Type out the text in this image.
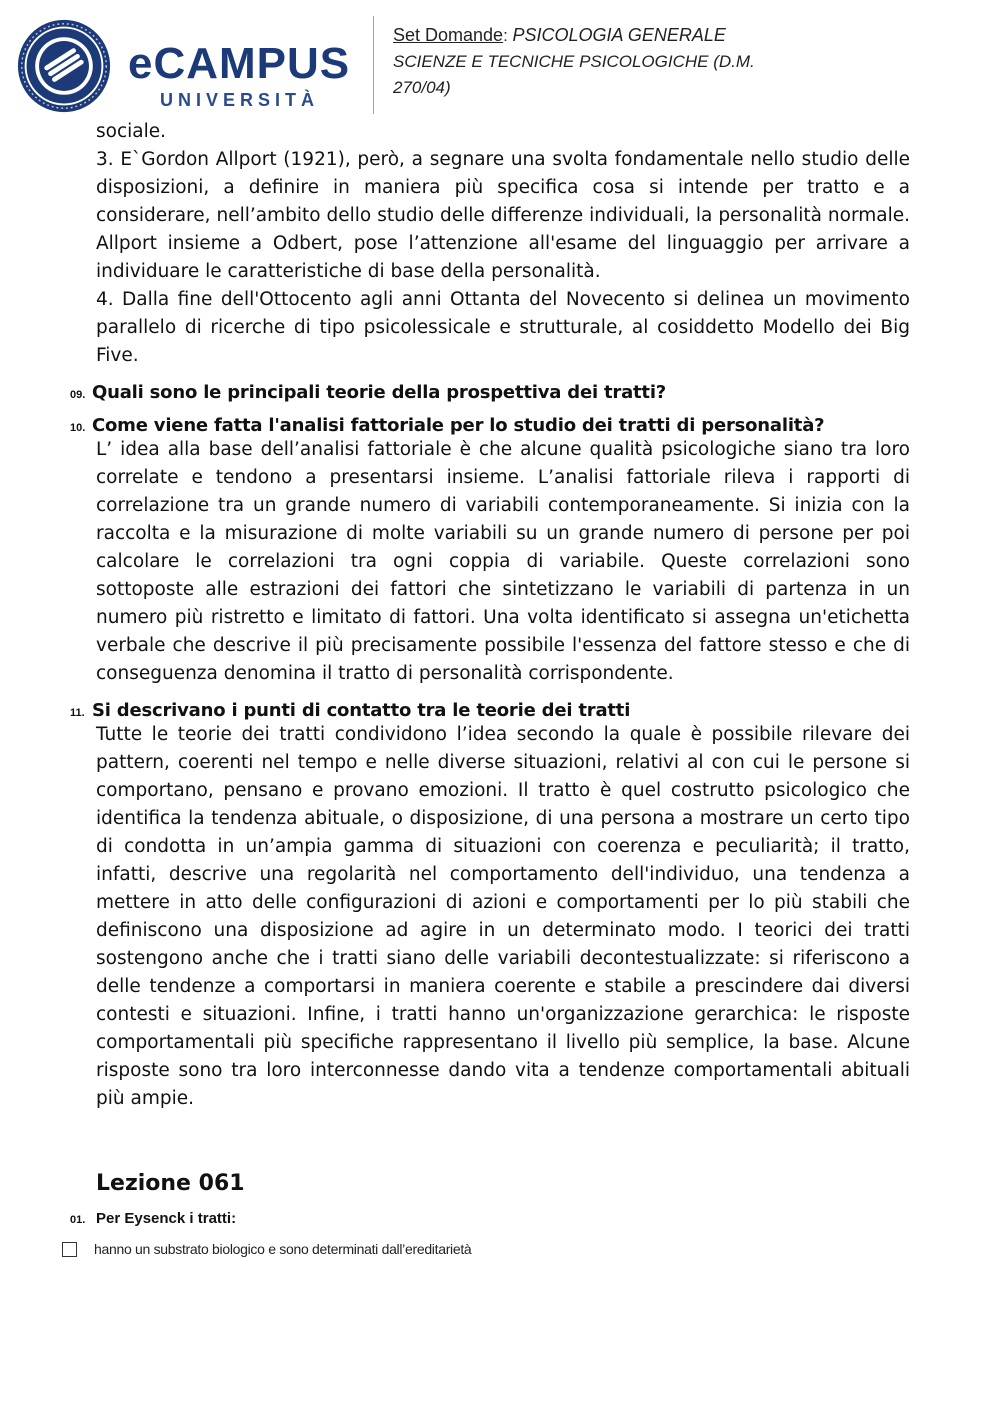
eCAMPUS
UNIVERSITÀ
Set Domande: PSICOLOGIA GENERALE
SCIENZE E TECNICHE PSICOLOGICHE (D.M.
270/04)

sociale.

3. E`Gordon Allport (1921), però, a segnare una svolta fondamentale nello studio delle disposizioni, a definire in maniera più specifica cosa si intende per tratto e a considerare, nell’ambito dello studio delle differenze individuali, la personalità normale. Allport insieme a Odbert, pose l’attenzione all'esame del linguaggio per arrivare a individuare le caratteristiche di base della personalità.

4. Dalla fine dell'Ottocento agli anni Ottanta del Novecento si delinea un movimento parallelo di ricerche di tipo psicolessicale e strutturale, al cosiddetto Modello dei Big Five.

09. Quali sono le principali teorie della prospettiva dei tratti?
10. Come viene fatta l'analisi fattoriale per lo studio dei tratti di personalità?

L’ idea alla base dell’analisi fattoriale è che alcune qualità psicologiche siano tra loro correlate e tendono a presentarsi insieme. L’analisi fattoriale rileva i rapporti di correlazione tra un grande numero di variabili contemporaneamente. Si inizia con la raccolta e la misurazione di molte variabili su un grande numero di persone per poi calcolare le correlazioni tra ogni coppia di variabile. Queste correlazioni sono sottoposte alle estrazioni dei fattori che sintetizzano le variabili di partenza in un numero più ristretto e limitato di fattori. Una volta identificato si assegna un'etichetta verbale che descrive il più precisamente possibile l'essenza del fattore stesso e che di conseguenza denomina il tratto di personalità corrispondente.

11. Si descrivano i punti di contatto tra le teorie dei tratti

Tutte le teorie dei tratti condividono l’idea secondo la quale è possibile rilevare dei pattern, coerenti nel tempo e nelle diverse situazioni, relativi al con cui le persone si comportano, pensano e provano emozioni. Il tratto è quel costrutto psicologico che identifica la tendenza abituale, o disposizione, di una persona a mostrare un certo tipo di condotta in un’ampia gamma di situazioni con coerenza e peculiarità; il tratto, infatti, descrive una regolarità nel comportamento dell'individuo, una tendenza a mettere in atto delle configurazioni di azioni e comportamenti per lo più stabili che definiscono una disposizione ad agire in un determinato modo. I teorici dei tratti sostengono anche che i tratti siano delle variabili decontestualizzate: si riferiscono a delle tendenze a comportarsi in maniera coerente e stabile a prescindere dai diversi contesti e situazioni. Infine, i tratti hanno un'organizzazione gerarchica: le risposte comportamentali più specifiche rappresentano il livello più semplice, la base. Alcune risposte sono tra loro interconnesse dando vita a tendenze comportamentali abituali più ampie.

Lezione 061
01. Per Eysenck i tratti:
hanno un substrato biologico e sono determinati dall’ereditarietà
